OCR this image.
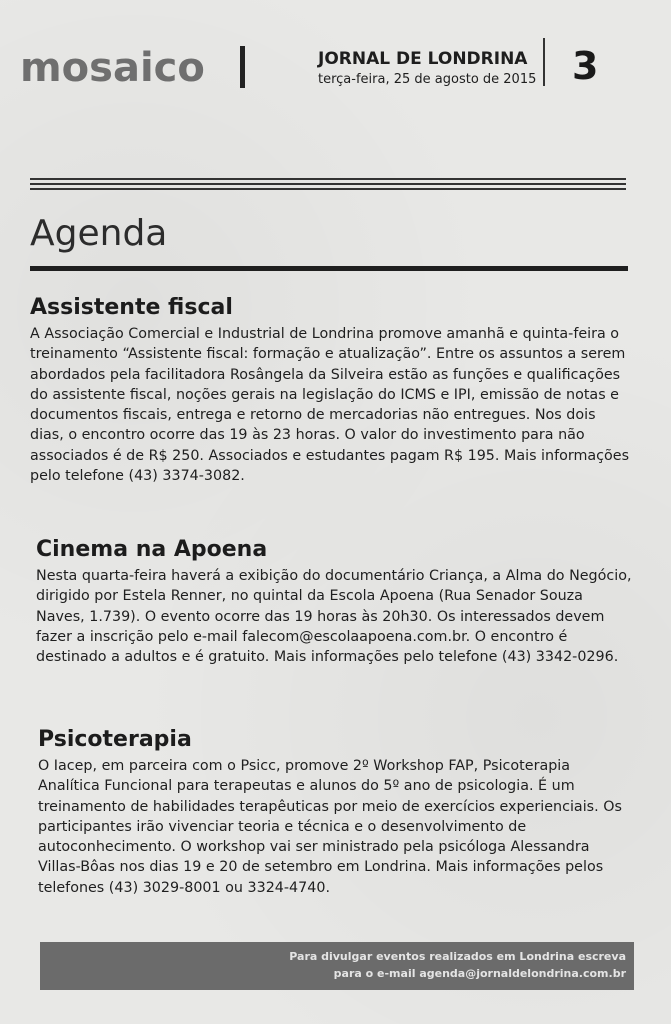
mosaico	JORNAL DE LONDRINA
terça-feira, 25 de agosto de 2015 3
Agenda
Assistente fiscal

A Associação Comercial e Industrial de Londrina promove amanhã e quinta-feira o treinamento “Assistente fiscal: formação e atualização”. Entre os assuntos a serem abordados pela facilitadora Rosângela da Silveira estão as funções e qualificações do assistente fiscal, noções gerais na legislação do ICMS e IPI, emissão de notas e documentos fiscais, entrega e retorno de mercadorias não entregues. Nos dois dias, o encontro ocorre das 19 às 23 horas. O valor do investimento para não associados é de R$ 250. Associados e estudantes pagam R$ 195. Mais informações pelo telefone (43) 3374-3082.

Cinema na Apoena

Nesta quarta-feira haverá a exibição do documentário Criança, a Alma do Negócio, dirigido por Estela Renner, no quintal da Escola Apoena (Rua Senador Souza Naves, 1.739). O evento ocorre das 19 horas às 20h30. Os interessados devem fazer a inscrição pelo e-mail falecom@escolaapoena.com.br. O encontro é destinado a adultos e é gratuito. Mais informações pelo telefone (43) 3342-0296.

Psicoterapia

O Iacep, em parceira com o Psicc, promove 2º Workshop FAP, Psicoterapia Analítica Funcional para terapeutas e alunos do 5º ano de psicologia. É um treinamento de habilidades terapêuticas por meio de exercícios experienciais. Os participantes irão vivenciar teoria e técnica e o desenvolvimento de autoconhecimento. O workshop vai ser ministrado pela psicóloga Alessandra Villas-Bôas nos dias 19 e 20 de setembro em Londrina. Mais informações pelos telefones (43) 3029-8001 ou 3324-4740.

Para divulgar eventos realizados em Londrina escreva
para o e-mail agenda@jornaldelondrina.com.br
